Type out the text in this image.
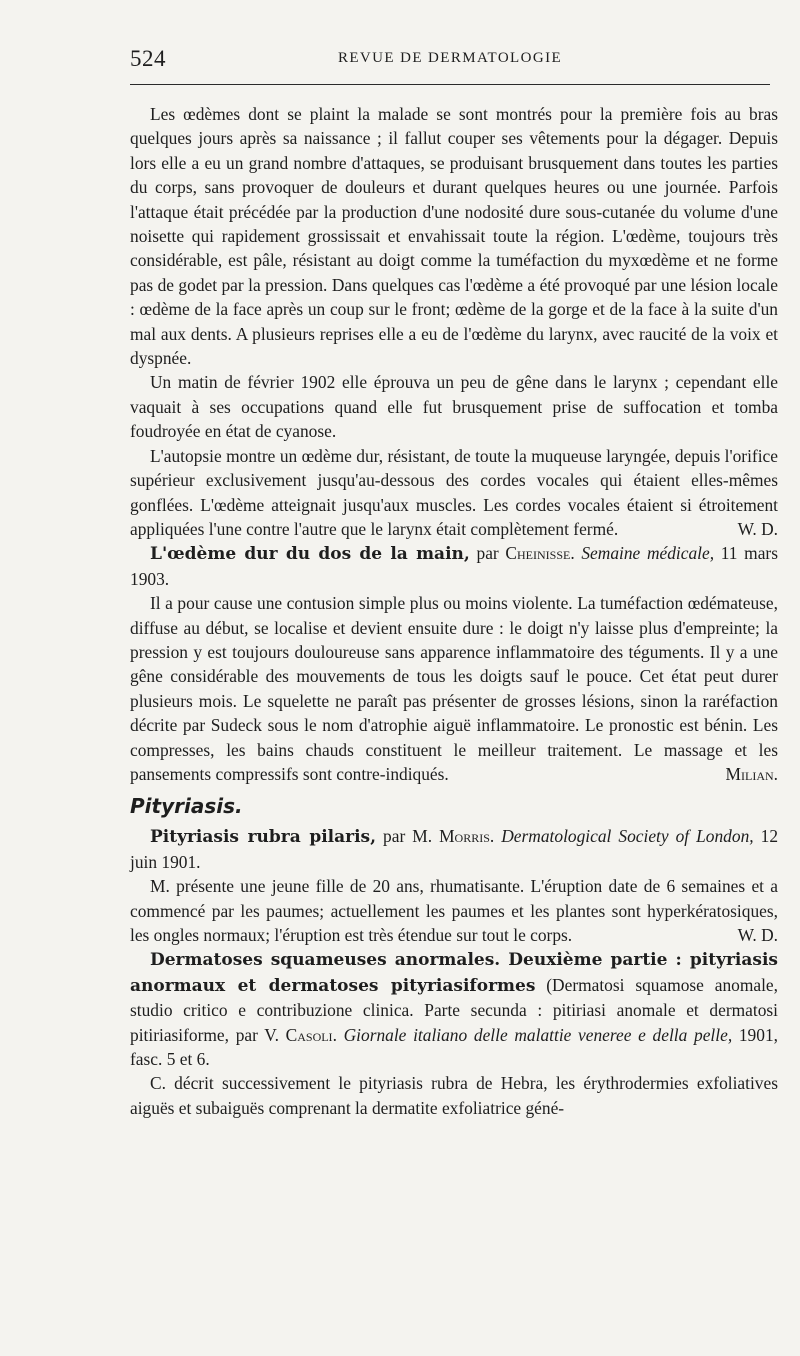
524	REVUE DE DERMATOLOGIE

Les œdèmes dont se plaint la malade se sont montrés pour la première fois au bras quelques jours après sa naissance ; il fallut couper ses vêtements pour la dégager. Depuis lors elle a eu un grand nombre d'attaques, se produisant brusquement dans toutes les parties du corps, sans provoquer de douleurs et durant quelques heures ou une journée. Parfois l'attaque était précédée par la production d'une nodosité dure sous-cutanée du volume d'une noisette qui rapidement grossissait et envahissait toute la région. L'œdème, toujours très considérable, est pâle, résistant au doigt comme la tuméfaction du myxœdème et ne forme pas de godet par la pression. Dans quelques cas l'œdème a été provoqué par une lésion locale : œdème de la face après un coup sur le front; œdème de la gorge et de la face à la suite d'un mal aux dents. A plusieurs reprises elle a eu de l'œdème du larynx, avec raucité de la voix et dyspnée.

Un matin de février 1902 elle éprouva un peu de gêne dans le larynx ; cependant elle vaquait à ses occupations quand elle fut brusquement prise de suffocation et tomba foudroyée en état de cyanose.

L'autopsie montre un œdème dur, résistant, de toute la muqueuse laryngée, depuis l'orifice supérieur exclusivement jusqu'au-dessous des cordes vocales qui étaient elles-mêmes gonflées. L'œdème atteignait jusqu'aux muscles. Les cordes vocales étaient si étroitement appliquées l'une contre l'autre que le larynx était complètement fermé.	W. D.

L'œdème dur du dos de la main, par Cheinisse. Semaine médicale, 11 mars 1903.

Il a pour cause une contusion simple plus ou moins violente. La tuméfaction œdémateuse, diffuse au début, se localise et devient ensuite dure : le doigt n'y laisse plus d'empreinte; la pression y est toujours douloureuse sans apparence inflammatoire des téguments. Il y a une gêne considérable des mouvements de tous les doigts sauf le pouce. Cet état peut durer plusieurs mois. Le squelette ne paraît pas présenter de grosses lésions, sinon la raréfaction décrite par Sudeck sous le nom d'atrophie aiguë inflammatoire. Le pronostic est bénin. Les compresses, les bains chauds constituent le meilleur traitement. Le massage et les pansements compressifs sont contre-indiqués.	Milian.

Pityriasis.

Pityriasis rubra pilaris, par M. Morris. Dermatological Society of London, 12 juin 1901.

M. présente une jeune fille de 20 ans, rhumatisante. L'éruption date de 6 semaines et a commencé par les paumes; actuellement les paumes et les plantes sont hyperkératosiques, les ongles normaux; l'éruption est très étendue sur tout le corps.	W. D.

Dermatoses squameuses anormales. Deuxième partie : pityriasis anormaux et dermatoses pityriasiformes (Dermatosi squamose anomale, studio critico e contribuzione clinica. Parte secunda : pitiriasi anomale et dermatosi pitiriasiforme, par V. Casoli. Giornale italiano delle malattie veneree e della pelle, 1901, fasc. 5 et 6.

C. décrit successivement le pityriasis rubra de Hebra, les érythrodermies exfoliatives aiguës et subaiguës comprenant la dermatite exfoliatrice géné-
